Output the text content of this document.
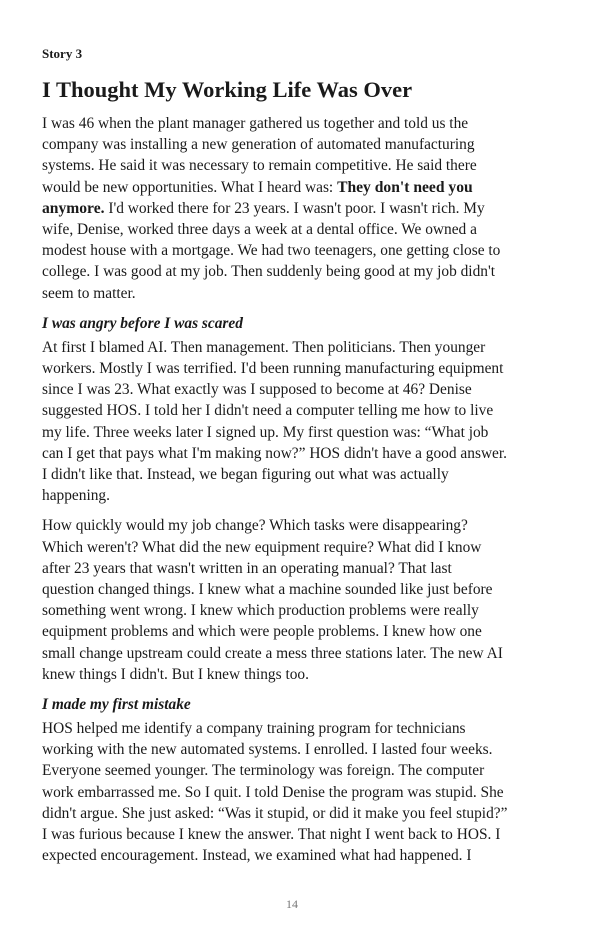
Story 3
I Thought My Working Life Was Over

I was 46 when the plant manager gathered us together and told us the
company was installing a new generation of automated manufacturing
systems. He said it was necessary to remain competitive. He said there
would be new opportunities. What I heard was: They don't need you
anymore. I'd worked there for 23 years. I wasn't poor. I wasn't rich. My
wife, Denise, worked three days a week at a dental office. We owned a
modest house with a mortgage. We had two teenagers, one getting close to
college. I was good at my job. Then suddenly being good at my job didn't
seem to matter.

I was angry before I was scared

At first I blamed AI. Then management. Then politicians. Then younger
workers. Mostly I was terrified. I'd been running manufacturing equipment
since I was 23. What exactly was I supposed to become at 46? Denise
suggested HOS. I told her I didn't need a computer telling me how to live
my life. Three weeks later I signed up. My first question was: “What job
can I get that pays what I'm making now?” HOS didn't have a good answer.
I didn't like that. Instead, we began figuring out what was actually
happening.

How quickly would my job change? Which tasks were disappearing?
Which weren't? What did the new equipment require? What did I know
after 23 years that wasn't written in an operating manual? That last
question changed things. I knew what a machine sounded like just before
something went wrong. I knew which production problems were really
equipment problems and which were people problems. I knew how one
small change upstream could create a mess three stations later. The new AI
knew things I didn't. But I knew things too.

I made my first mistake

HOS helped me identify a company training program for technicians
working with the new automated systems. I enrolled. I lasted four weeks.
Everyone seemed younger. The terminology was foreign. The computer
work embarrassed me. So I quit. I told Denise the program was stupid. She
didn't argue. She just asked: “Was it stupid, or did it make you feel stupid?”
I was furious because I knew the answer. That night I went back to HOS. I
expected encouragement. Instead, we examined what had happened. I

14
